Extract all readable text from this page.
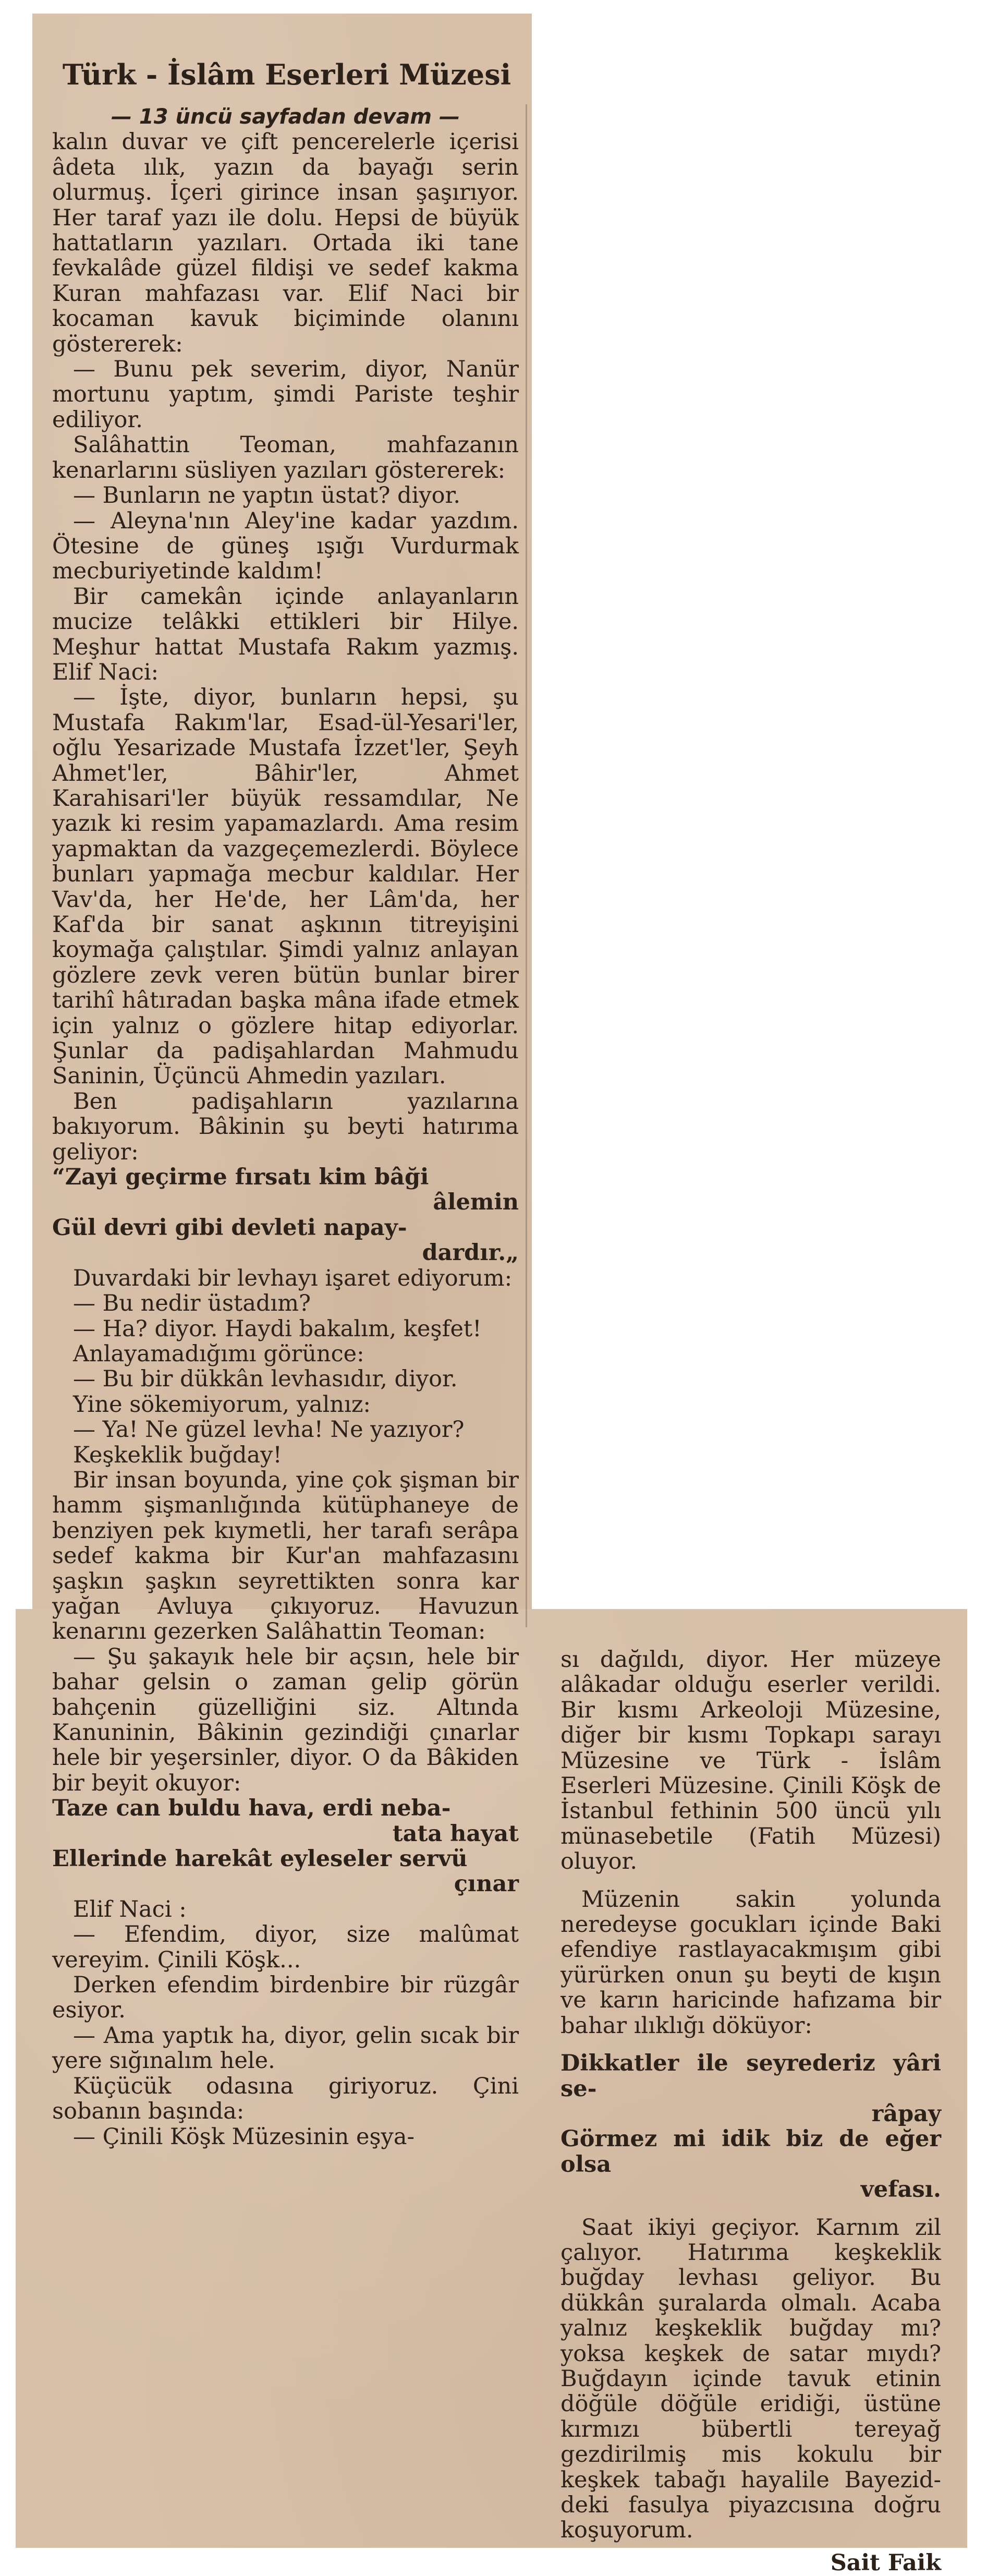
Türk - İslâm Eserleri Müzesi

— 13 üncü sayfadan devam —

kalın duvar ve çift pencerelerle içerisi âdeta ılık, yazın da bayağı serin olurmuş. İçeri girince insan şaşırıyor. Her taraf yazı ile dolu. Hepsi de büyük hattatların yazıları. Ortada iki tane fevkalâde güzel fildişi ve sedef kakma Kuran mahfazası var. Elif Naci bir kocaman kavuk biçiminde olanını göstererek:

— Bunu pek severim, diyor, Nanür mortunu yaptım, şimdi Pariste teşhir ediliyor.

Salâhattin Teoman, mahfazanın kenarlarını süsliyen yazıları göstererek:

— Bunların ne yaptın üstat? diyor.

— Aleyna'nın Aley'ine kadar yazdım. Ötesine de güneş ışığı Vurdurmak mecburiyetinde kaldım!

Bir camekân içinde anlayanların mucize telâkki ettikleri bir Hilye. Meşhur hattat Mustafa Rakım yazmış. Elif Naci:

— İşte, diyor, bunların hepsi, şu Mustafa Rakım'lar, Esad-ül-Yesari'ler, oğlu Yesarizade Mustafa İzzet'ler, Şeyh Ahmet'ler, Bâhir'ler, Ahmet Karahisari'ler büyük ressamdılar, Ne yazık ki resim yapamazlardı. Ama resim yapmaktan da vazgeçemezlerdi. Böylece bunları yapmağa mecbur kaldılar. Her Vav'da, her He'de, her Lâm'da, her Kaf'da bir sanat aşkının titreyişini koymağa çalıştılar. Şimdi yalnız anlayan gözlere zevk veren bütün bunlar birer tarihî hâtıradan başka mâna ifade etmek için yalnız o gözlere hitap ediyorlar. Şunlar da padişahlardan Mahmudu Saninin, Üçüncü Ahmedin yazıları.

Ben padişahların yazılarına bakıyorum. Bâkinin şu beyti hatırıma geliyor:

“Zayi geçirme fırsatı kim bâği

âlemin

Gül devri gibi devleti napay-

dardır.„

Duvardaki bir levhayı işaret ediyorum:

— Bu nedir üstadım?

— Ha? diyor. Haydi bakalım, keşfet!

Anlayamadığımı görünce:

— Bu bir dükkân levhasıdır, diyor.

Yine sökemiyorum, yalnız:

— Ya! Ne güzel levha! Ne yazıyor?

Keşkeklik buğday!

Bir insan boyunda, yine çok şişman bir hamm şişmanlığında kütüphaneye de benziyen pek kıymetli, her tarafı serâpa sedef kakma bir Kur'an mahfazasını şaşkın şaşkın seyrettikten sonra kar yağan Avluya çıkıyoruz. Havuzun kenarını gezerken Salâhattin Teoman:

— Şu şakayık hele bir açsın, hele bir bahar gelsin o zaman gelip görün bahçenin güzelliğini siz. Altında Kanuninin, Bâkinin gezindiği çınarlar hele bir yeşersinler, diyor. O da Bâkiden bir beyit okuyor:

Taze can buldu hava, erdi neba-

tata hayat

Ellerinde harekât eyleseler servü

çınar

Elif Naci :

— Efendim, diyor, size malûmat vereyim. Çinili Köşk...

Derken efendim birdenbire bir rüzgâr esiyor.

— Ama yaptık ha, diyor, gelin sıcak bir yere sığınalım hele.

Küçücük odasına giriyoruz. Çini sobanın başında:

— Çinili Köşk Müzesinin eşya-

sı dağıldı, diyor. Her müzeye alâkadar olduğu eserler verildi. Bir kısmı Arkeoloji Müzesine, diğer bir kısmı Topkapı sarayı Müzesine ve Türk - İslâm Eserleri Müzesine. Çinili Köşk de İstanbul fethinin 500 üncü yılı münasebetile (Fatih Müzesi) oluyor.

Müzenin sakin yolunda neredeyse gocukları içinde Baki efendiye rastlayacakmışım gibi yürürken onun şu beyti de kışın ve karın haricinde hafızama bir bahar ılıklığı döküyor:

Dikkatler ile seyrederiz yâri se-

râpay

Görmez mi idik biz de eğer olsa

vefası.

Saat ikiyi geçiyor. Karnım zil çalıyor. Hatırıma keşkeklik buğday levhası geliyor. Bu dükkân şuralarda olmalı. Acaba yalnız keşkeklik buğday mı? yoksa keşkek de satar mıydı? Buğdayın içinde tavuk etinin döğüle döğüle eridiği, üstüne kırmızı bübertli tereyağ gezdirilmiş mis kokulu bir keşkek tabağı hayalile Bayezid-deki fasulya piyazcısına doğru koşuyorum.

Sait Faik
